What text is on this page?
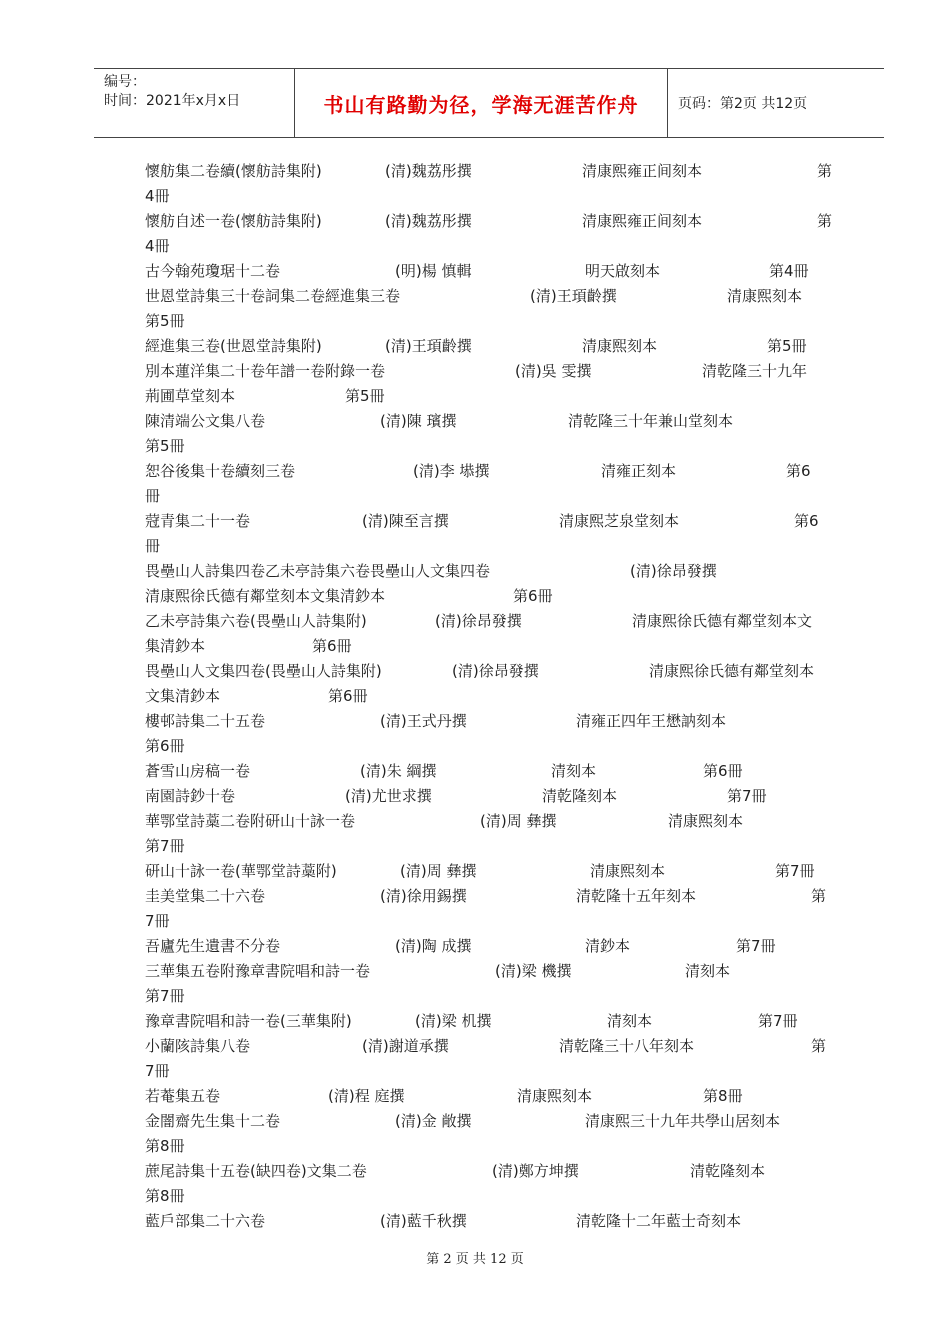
编号：
时间：2021年x月x日	书山有路勤为径，学海无涯苦作舟	页码：第2页 共12页
懷舫集二卷續(懷舫詩集附)	(清)魏荔彤撰	清康熙雍正间刻本	第
4冊
懷舫自述一卷(懷舫詩集附)	(清)魏荔彤撰	清康熙雍正间刻本	第
4冊
古今翰苑瓊琚十二卷	(明)楊 慎輯	明天啟刻本	第4冊
世恩堂詩集三十卷詞集二卷經進集三卷	(清)王頊齡撰	清康熙刻本
第5冊
經進集三卷(世恩堂詩集附)	(清)王頊齡撰	清康熙刻本	第5冊
別本蓮洋集二十卷年譜一卷附錄一卷	(清)吳 雯撰	清乾隆三十九年
荊圃草堂刻本	第5冊
陳清端公文集八卷	(清)陳 璸撰	清乾隆三十年兼山堂刻本
第5冊
恕谷後集十卷續刻三卷	(清)李 塨撰	清雍正刻本	第6
冊
蒄青集二十一卷	(清)陳至言撰	清康熙芝泉堂刻本	第6
冊
畏壘山人詩集四卷乙未亭詩集六卷畏壘山人文集四卷	(清)徐昂發撰
清康熙徐氏德有鄰堂刻本文集清鈔本	第6冊
乙未亭詩集六卷(畏壘山人詩集附)	(清)徐昂發撰	清康熙徐氏德有鄰堂刻本文
集清鈔本	第6冊
畏壘山人文集四卷(畏壘山人詩集附)	(清)徐昂發撰	清康熙徐氏德有鄰堂刻本
文集清鈔本	第6冊
樓邨詩集二十五卷	(清)王式丹撰	清雍正四年王懋訥刻本
第6冊
蒼雪山房稿一卷	(清)朱 綱撰	清刻本	第6冊
南園詩鈔十卷	(清)尤世求撰	清乾隆刻本	第7冊
華鄂堂詩藁二卷附研山十詠一卷	(清)周 彝撰	清康熙刻本
第7冊
研山十詠一卷(華鄂堂詩藁附)	(清)周 彝撰	清康熙刻本	第7冊
圭美堂集二十六卷	(清)徐用錫撰	清乾隆十五年刻本	第
7冊
吾廬先生遺書不分卷	(清)陶 成撰	清鈔本	第7冊
三華集五卷附豫章書院唱和詩一卷	(清)梁 機撰	清刻本
第7冊
豫章書院唱和詩一卷(三華集附)	(清)梁 机撰	清刻本	第7冊
小蘭陔詩集八卷	(清)謝道承撰	清乾隆三十八年刻本	第
7冊
若菴集五卷	(清)程 庭撰	清康熙刻本	第8冊
金闇齋先生集十二卷	(清)金 敞撰	清康熙三十九年共學山居刻本
第8冊
蔗尾詩集十五卷(缺四卷)文集二卷	(清)鄭方坤撰	清乾隆刻本
第8冊
藍戶部集二十六卷	(清)藍千秋撰	清乾隆十二年藍士奇刻本
第 2 页 共 12 页
